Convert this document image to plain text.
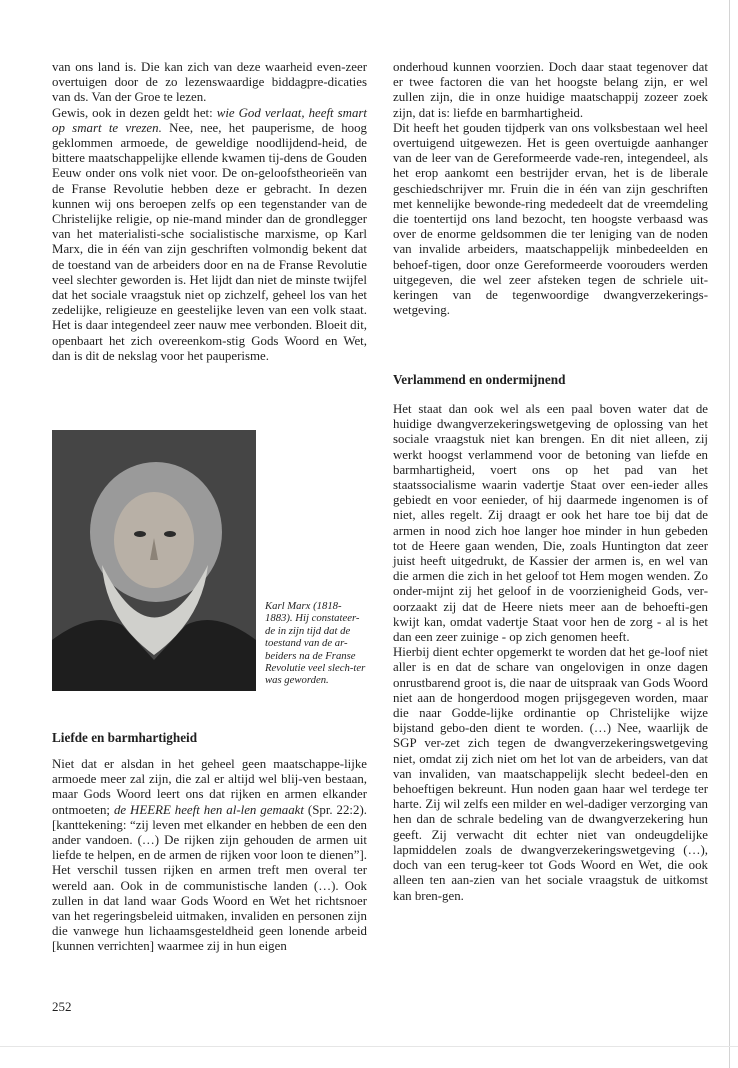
van ons land is. Die kan zich van deze waarheid even-zeer overtuigen door de zo lezenswaardige biddagpre-dicaties van ds. Van der Groe te lezen.

Gewis, ook in dezen geldt het: wie God verlaat, heeft smart op smart te vrezen. Nee, nee, het pauperisme, de hoog geklommen armoede, de geweldige noodlijdend-heid, de bittere maatschappelijke ellende kwamen tij-dens de Gouden Eeuw onder ons volk niet voor. De on-geloofstheorieën van de Franse Revolutie hebben deze er gebracht. In dezen kunnen wij ons beroepen zelfs op een tegenstander van de Christelijke religie, op nie-mand minder dan de grondlegger van het materialisti-sche socialistische marxisme, op Karl Marx, die in één van zijn geschriften volmondig bekent dat de toestand van de arbeiders door en na de Franse Revolutie veel slechter geworden is. Het lijdt dan niet de minste twijfel dat het sociale vraagstuk niet op zichzelf, geheel los van het zedelijke, religieuze en geestelijke leven van een volk staat. Het is daar integendeel zeer nauw mee verbonden. Bloeit dit, openbaart het zich overeenkom-stig Gods Woord en Wet, dan is dit de nekslag voor het pauperisme.

Karl Marx (1818-1883). Hij constateer-de in zijn tijd dat de toestand van de ar-beiders na de Franse Revolutie veel slech-ter was geworden.
Liefde en barmhartigheid

Niet dat er alsdan in het geheel geen maatschappe-lijke armoede meer zal zijn, die zal er altijd wel blij-ven bestaan, maar Gods Woord leert ons dat rijken en armen elkander ontmoeten; de HEERE heeft hen al-len gemaakt (Spr. 22:2). [kanttekening: “zij leven met elkander en hebben de een den ander vandoen. (…) De rijken zijn gehouden de armen uit liefde te helpen, en de armen de rijken voor loon te dienen”]. Het verschil tussen rijken en armen treft men overal ter wereld aan. Ook in de communistische landen (…). Ook zullen in dat land waar Gods Woord en Wet het richtsnoer van het regeringsbeleid uitmaken, invaliden en personen zijn die vanwege hun lichaamsgesteldheid geen lonende arbeid [kunnen verrichten] waarmee zij in hun eigen

onderhoud kunnen voorzien. Doch daar staat tegenover dat er twee factoren die van het hoogste belang zijn, er wel zullen zijn, die in onze huidige maatschappij zozeer zoek zijn, dat is: liefde en barmhartigheid.

Dit heeft het gouden tijdperk van ons volksbestaan wel heel overtuigend uitgewezen. Het is geen overtuigde aanhanger van de leer van de Gereformeerde vade-ren, integendeel, als het erop aankomt een bestrijder ervan, het is de liberale geschiedschrijver mr. Fruin die in één van zijn geschriften met kennelijke bewonde-ring mededeelt dat de vreemdeling die toentertijd ons land bezocht, ten hoogste verbaasd was over de enorme geldsommen die ter leniging van de noden van invalide arbeiders, maatschappelijk minbedeelden en behoef-tigen, door onze Gereformeerde voorouders werden uitgegeven, die wel zeer afsteken tegen de schriele uit-keringen van de tegenwoordige dwangverzekerings-wetgeving.

Verlammend en ondermijnend

Het staat dan ook wel als een paal boven water dat de huidige dwangverzekeringswetgeving de oplossing van het sociale vraagstuk niet kan brengen. En dit niet alleen, zij werkt hoogst verlammend voor de betoning van liefde en barmhartigheid, voert ons op het pad van het staatssocialisme waarin vadertje Staat over een-ieder alles gebiedt en voor eenieder, of hij daarmede ingenomen is of niet, alles regelt. Zij draagt er ook het hare toe bij dat de armen in nood zich hoe langer hoe minder in hun gebeden tot de Heere gaan wenden, Die, zoals Huntington dat zeer juist heeft uitgedrukt, de Kassier der armen is, en wel van die armen die zich in het geloof tot Hem mogen wenden. Zo onder-mijnt zij het geloof in de voorzienigheid Gods, ver-oorzaakt zij dat de Heere niets meer aan de behoefti-gen kwijt kan, omdat vadertje Staat voor hen de zorg - al is het dan een zeer zuinige - op zich genomen heeft.

Hierbij dient echter opgemerkt te worden dat het ge-loof niet aller is en dat de schare van ongelovigen in onze dagen onrustbarend groot is, die naar de uitspraak van Gods Woord niet aan de hongerdood mogen prijsgegeven worden, maar die naar Godde-lijke ordinantie op Christelijke wijze bijstand gebo-den dient te worden. (…) Nee, waarlijk de SGP ver-zet zich tegen de dwangverzekeringswetgeving niet, omdat zij zich niet om het lot van de arbeiders, van dat van invaliden, van maatschappelijk slecht bedeel-den en behoeftigen bekreunt. Hun noden gaan haar wel terdege ter harte. Zij wil zelfs een milder en wel-dadiger verzorging van hen dan de schrale bedeling van de dwangverzekering hun geeft. Zij verwacht dit echter niet van ondeugdelijke lapmiddelen zoals de dwangverzekeringswetgeving (…), doch van een terug-keer tot Gods Woord en Wet, die ook alleen ten aan-zien van het sociale vraagstuk de uitkomst kan bren-gen.

252
